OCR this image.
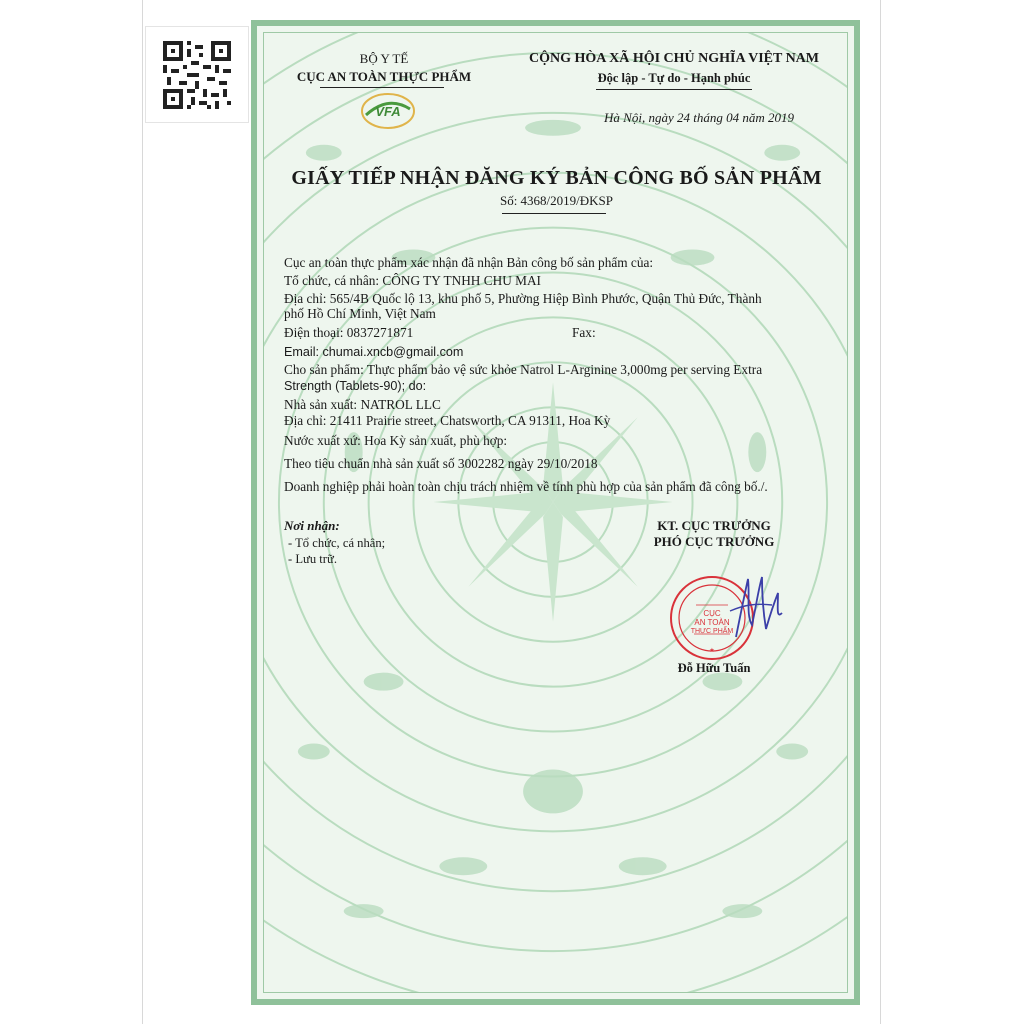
BỘ Y TẾ
CỤC AN TOÀN THỰC PHẨM
VFA
CỘNG HÒA XÃ HỘI CHỦ NGHĨA VIỆT NAM
Độc lập - Tự do - Hạnh phúc
Hà Nội, ngày 24 tháng 04 năm 2019
GIẤY TIẾP NHẬN ĐĂNG KÝ BẢN CÔNG BỐ SẢN PHẨM
Số: 4368/2019/ĐKSP
Cục an toàn thực phẩm xác nhận đã nhận Bản công bố sản phẩm của:
Tổ chức, cá nhân: CÔNG TY TNHH CHU MAI
Địa chỉ: 565/4B Quốc lộ 13, khu phố 5, Phường Hiệp Bình Phước, Quận Thủ Đức, Thành
phố Hồ Chí Minh, Việt Nam
Điện thoại: 0837271871	Fax:
Email: chumai.xncb@gmail.com
Cho sản phẩm: Thực phẩm bảo vệ sức khỏe Natrol L-Arginine 3,000mg per serving Extra
Strength (Tablets-90); do:
Nhà sản xuất: NATROL LLC
Địa chỉ: 21411 Prairie street, Chatsworth, CA 91311, Hoa Kỳ
Nước xuất xứ: Hoa Kỳ sản xuất, phù hợp:
Theo tiêu chuẩn nhà sản xuất số 3002282 ngày 29/10/2018
Doanh nghiệp phải hoàn toàn chịu trách nhiệm về tính phù hợp của sản phẩm đã công bố./.
Nơi nhận:
- Tổ chức, cá nhân;
- Lưu trữ.
KT. CỤC TRƯỞNG
PHÓ CỤC TRƯỞNG
CỤC
AN TOÀN
THỰC PHẨM
★
Đỗ Hữu Tuấn
